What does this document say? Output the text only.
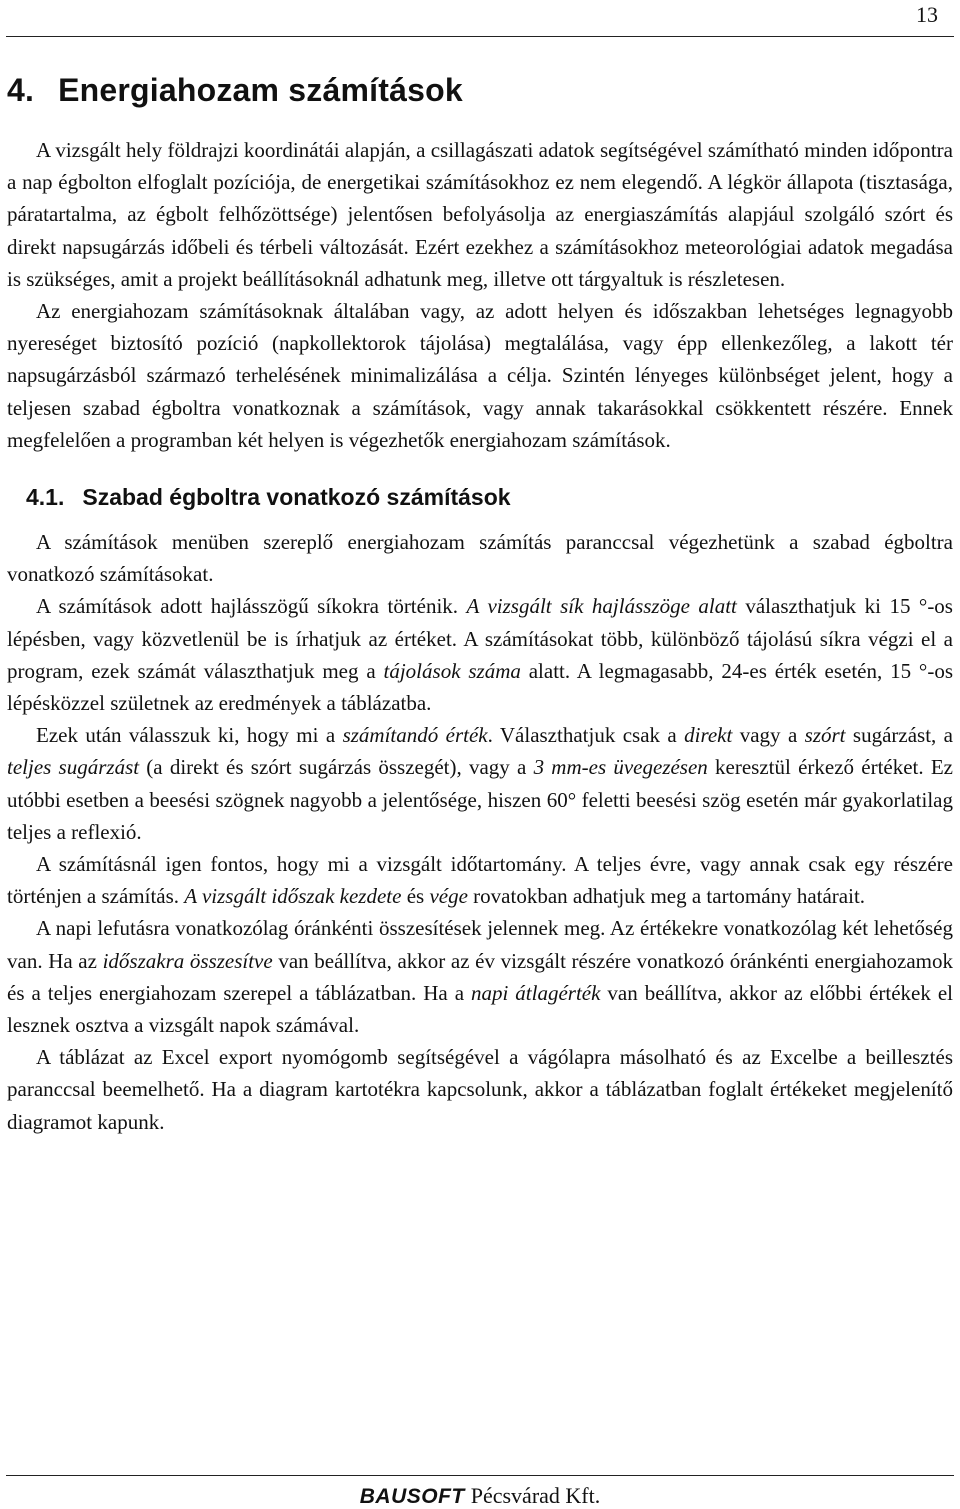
13
4. Energiahozam számítások

A vizsgált hely földrajzi koordinátái alapján, a csillagászati adatok segítségével számítható minden időpontra a nap égbolton elfoglalt pozíciója, de energetikai számításokhoz ez nem elegendő. A légkör állapota (tisztasága, páratartalma, az égbolt felhőzöttsége) jelentősen befolyásolja az energiaszámítás alapjául szolgáló szórt és direkt napsugárzás időbeli és térbeli változását. Ezért ezekhez a számításokhoz meteorológiai adatok megadása is szükséges, amit a projekt beállításoknál adhatunk meg, illetve ott tárgyaltuk is részletesen.

Az energiahozam számításoknak általában vagy, az adott helyen és időszakban lehetséges legnagyobb nyereséget biztosító pozíció (napkollektorok tájolása) megtalálása, vagy épp ellenkezőleg, a lakott tér napsugárzásból származó terhelésének minimalizálása a célja. Szintén lényeges különbséget jelent, hogy a teljesen szabad égboltra vonatkoznak a számítások, vagy annak takarásokkal csökkentett részére. Ennek megfelelően a programban két helyen is végezhetők energiahozam számítások.

4.1. Szabad égboltra vonatkozó számítások

A számítások menüben szereplő energiahozam számítás paranccsal végezhetünk a szabad égboltra vonatkozó számításokat.

A számítások adott hajlásszögű síkokra történik. A vizsgált sík hajlásszöge alatt választhatjuk ki 15 °-os lépésben, vagy közvetlenül be is írhatjuk az értéket. A számításokat több, különböző tájolású síkra végzi el a program, ezek számát választhatjuk meg a tájolások száma alatt. A legmagasabb, 24-es érték esetén, 15 °-os lépésközzel születnek az eredmények a táblázatba.

Ezek után válasszuk ki, hogy mi a számítandó érték. Választhatjuk csak a direkt vagy a szórt sugárzást, a teljes sugárzást (a direkt és szórt sugárzás összegét), vagy a 3 mm-es üvegezésen keresztül érkező értéket. Ez utóbbi esetben a beesési szögnek nagyobb a jelentősége, hiszen 60° feletti beesési szög esetén már gyakorlatilag teljes a reflexió.

A számításnál igen fontos, hogy mi a vizsgált időtartomány. A teljes évre, vagy annak csak egy részére történjen a számítás. A vizsgált időszak kezdete és vége rovatokban adhatjuk meg a tartomány határait.

A napi lefutásra vonatkozólag óránkénti összesítések jelennek meg. Az értékekre vonatkozólag két lehetőség van. Ha az időszakra összesítve van beállítva, akkor az év vizsgált részére vonatkozó óránkénti energiahozamok és a teljes energiahozam szerepel a táblázatban. Ha a napi átlagérték van beállítva, akkor az előbbi értékek el lesznek osztva a vizsgált napok számával.

A táblázat az Excel export nyomógomb segítségével a vágólapra másolható és az Excelbe a beillesztés paranccsal beemelhető. Ha a diagram kartotékra kapcsolunk, akkor a táblázatban foglalt értékeket megjelenítő diagramot kapunk.

BAUSOFT Pécsvárad Kft.
